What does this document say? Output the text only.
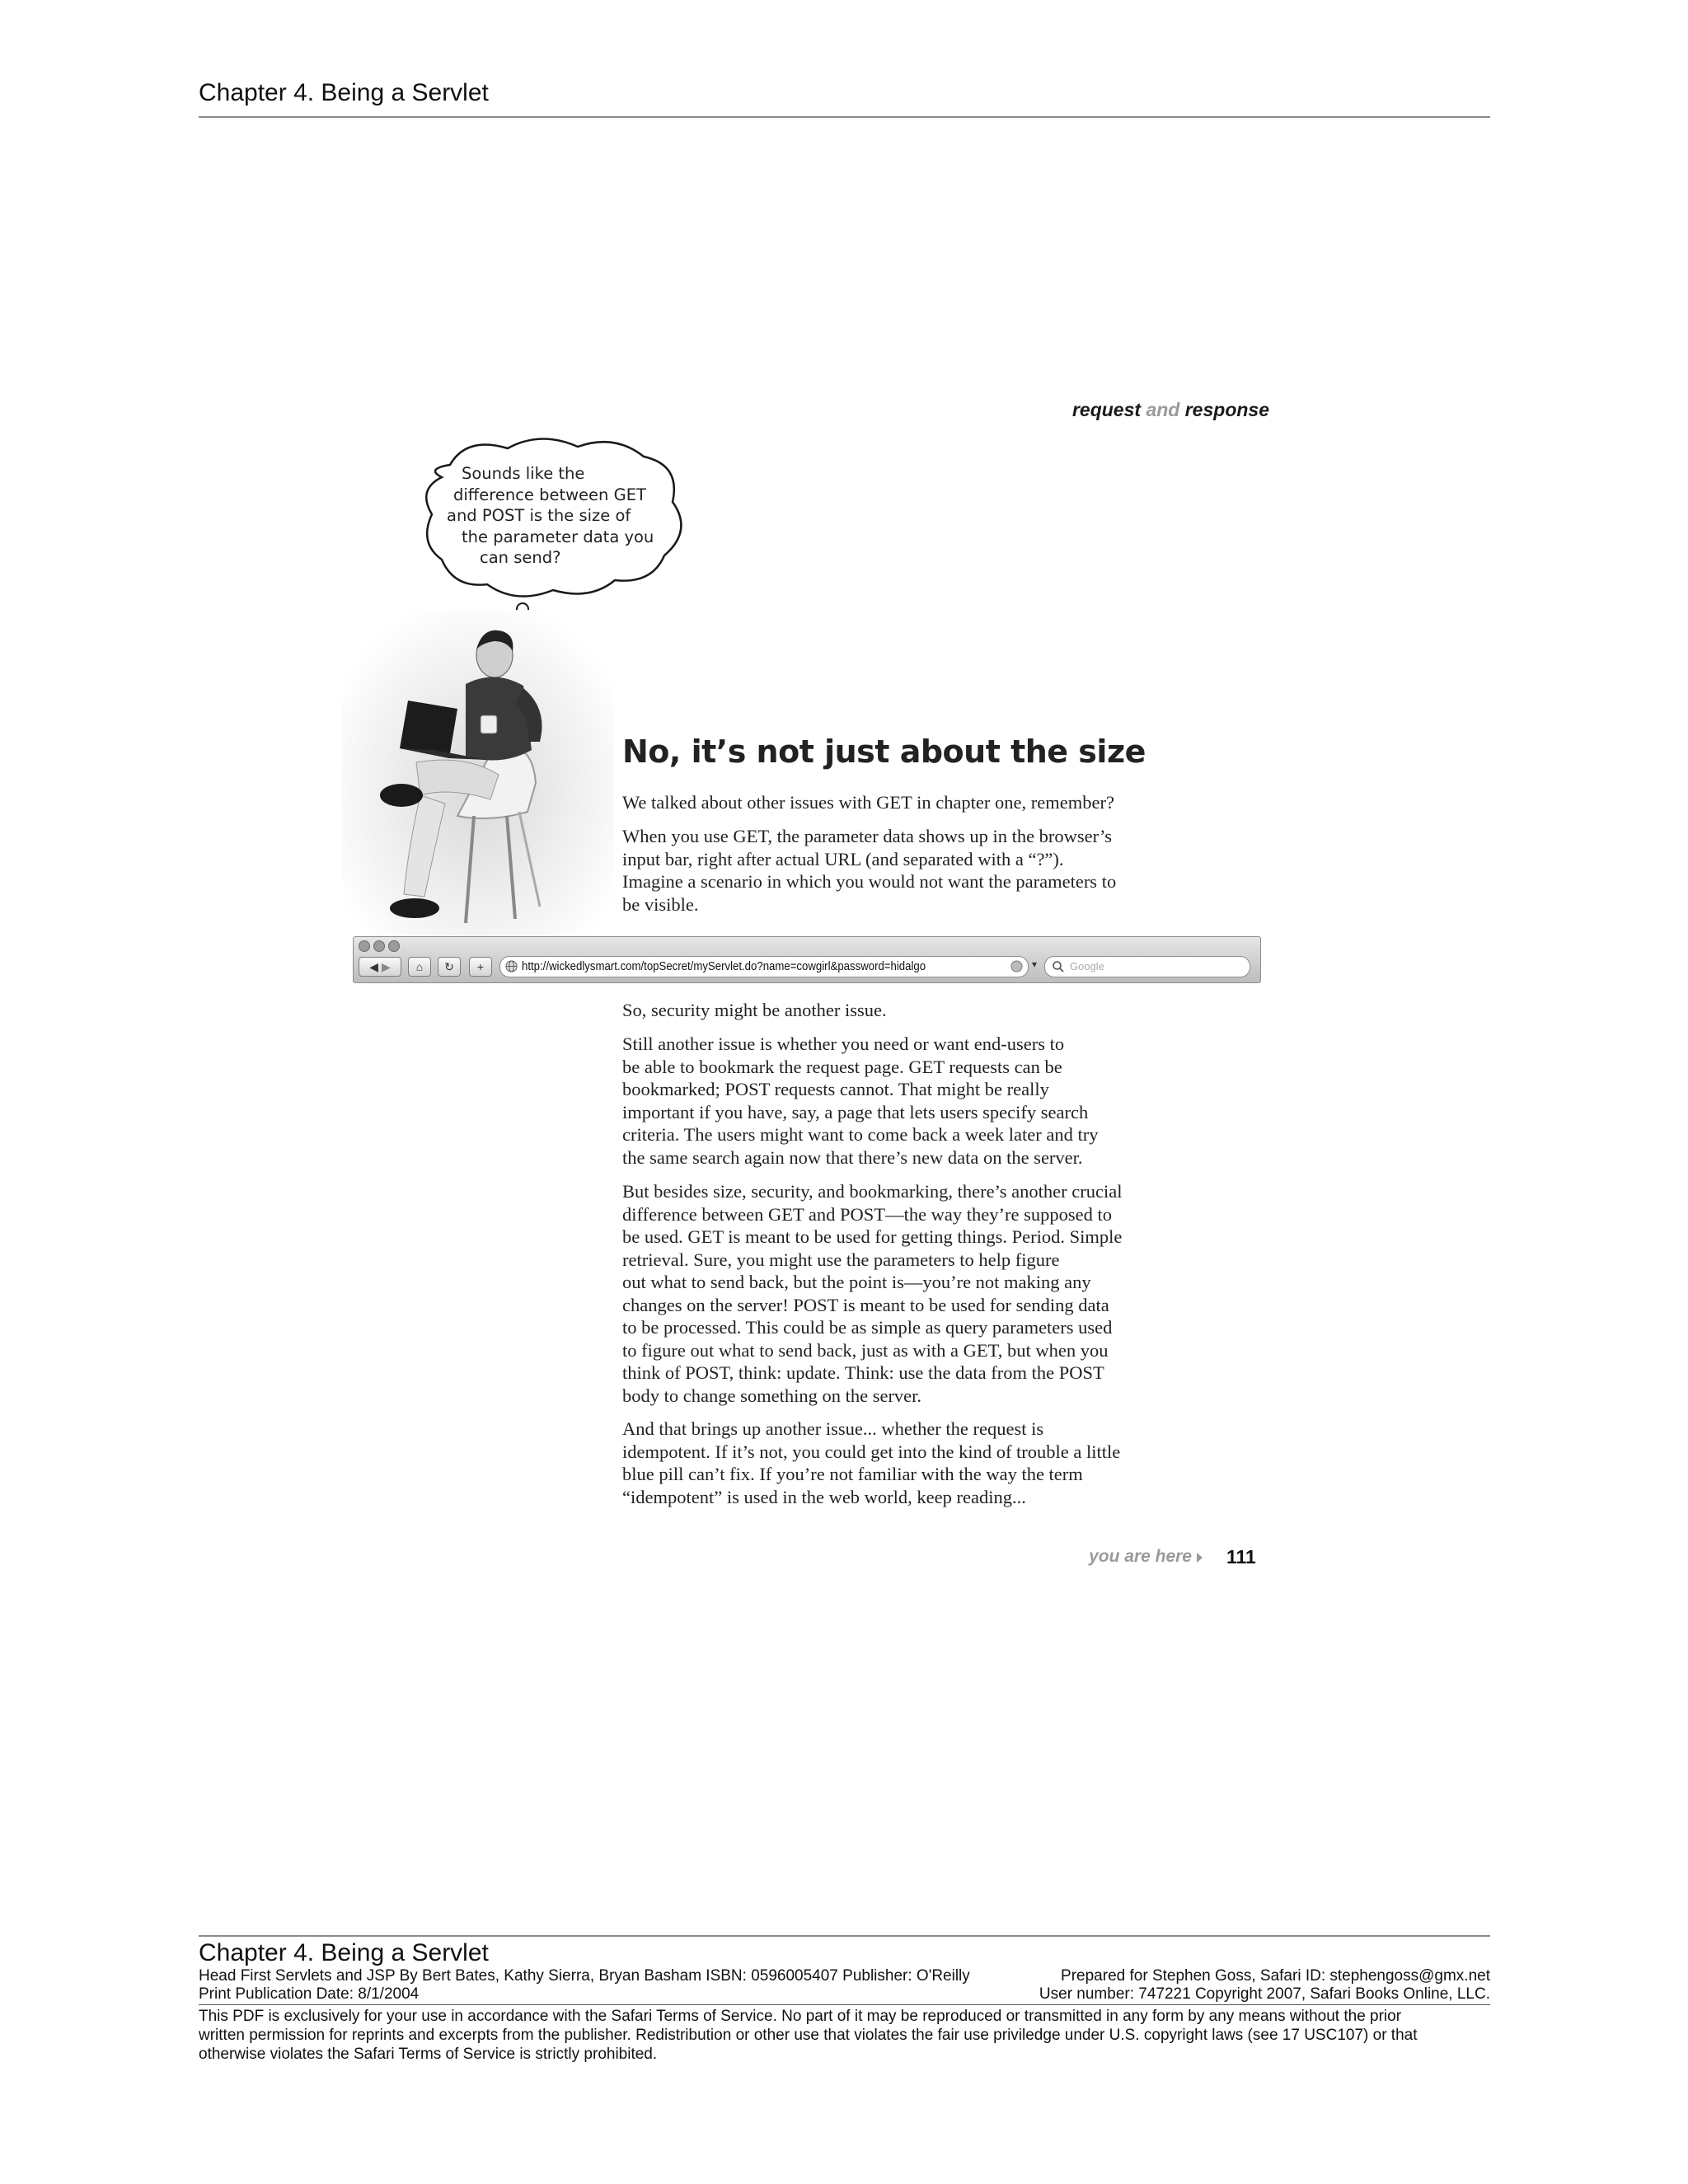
Chapter 4. Being a Servlet
request and response
Sounds like the
difference between GET
and POST is the size of
the parameter data you
can send?
No, it’s not just about the size
We talked about other issues with GET in chapter one, remember?
When you use GET, the parameter data shows up in the browser’s
input bar, right after actual URL (and separated with a “?”).
Imagine a scenario in which you would not want the parameters to
be visible.
◀ ▶	⌂	↻	+	http://wickedlysmart.com/topSecret/myServlet.do?name=cowgirl&password=hidalgo	▾	Google
So, security might be another issue.
Still another issue is whether you need or want end-users to
be able to bookmark the request page. GET requests can be
bookmarked; POST requests cannot. That might be really
important if you have, say, a page that lets users specify search
criteria. The users might want to come back a week later and try
the same search again now that there’s new data on the server.
But besides size, security, and bookmarking, there’s another crucial
difference between GET and POST—the way they’re supposed to
be used. GET is meant to be used for getting things. Period. Simple
retrieval. Sure, you might use the parameters to help figure
out what to send back, but the point is—you’re not making any
changes on the server! POST is meant to be used for sending data
to be processed. This could be as simple as query parameters used
to figure out what to send back, just as with a GET, but when you
think of POST, think: update. Think: use the data from the POST
body to change something on the server.
And that brings up another issue... whether the request is
idempotent. If it’s not, you could get into the kind of trouble a little
blue pill can’t fix. If you’re not familiar with the way the term
“idempotent” is used in the web world, keep reading...
you are here 111
Chapter 4. Being a Servlet
Head First Servlets and JSP By Bert Bates, Kathy Sierra, Bryan Basham ISBN: 0596005407 Publisher: O'Reilly	Prepared for Stephen Goss, Safari ID: stephengoss@gmx.net
Print Publication Date: 8/1/2004	User number: 747221 Copyright 2007, Safari Books Online, LLC.
This PDF is exclusively for your use in accordance with the Safari Terms of Service. No part of it may be reproduced or transmitted in any form by any means without the prior
written permission for reprints and excerpts from the publisher. Redistribution or other use that violates the fair use priviledge under U.S. copyright laws (see 17 USC107) or that
otherwise violates the Safari Terms of Service is strictly prohibited.
